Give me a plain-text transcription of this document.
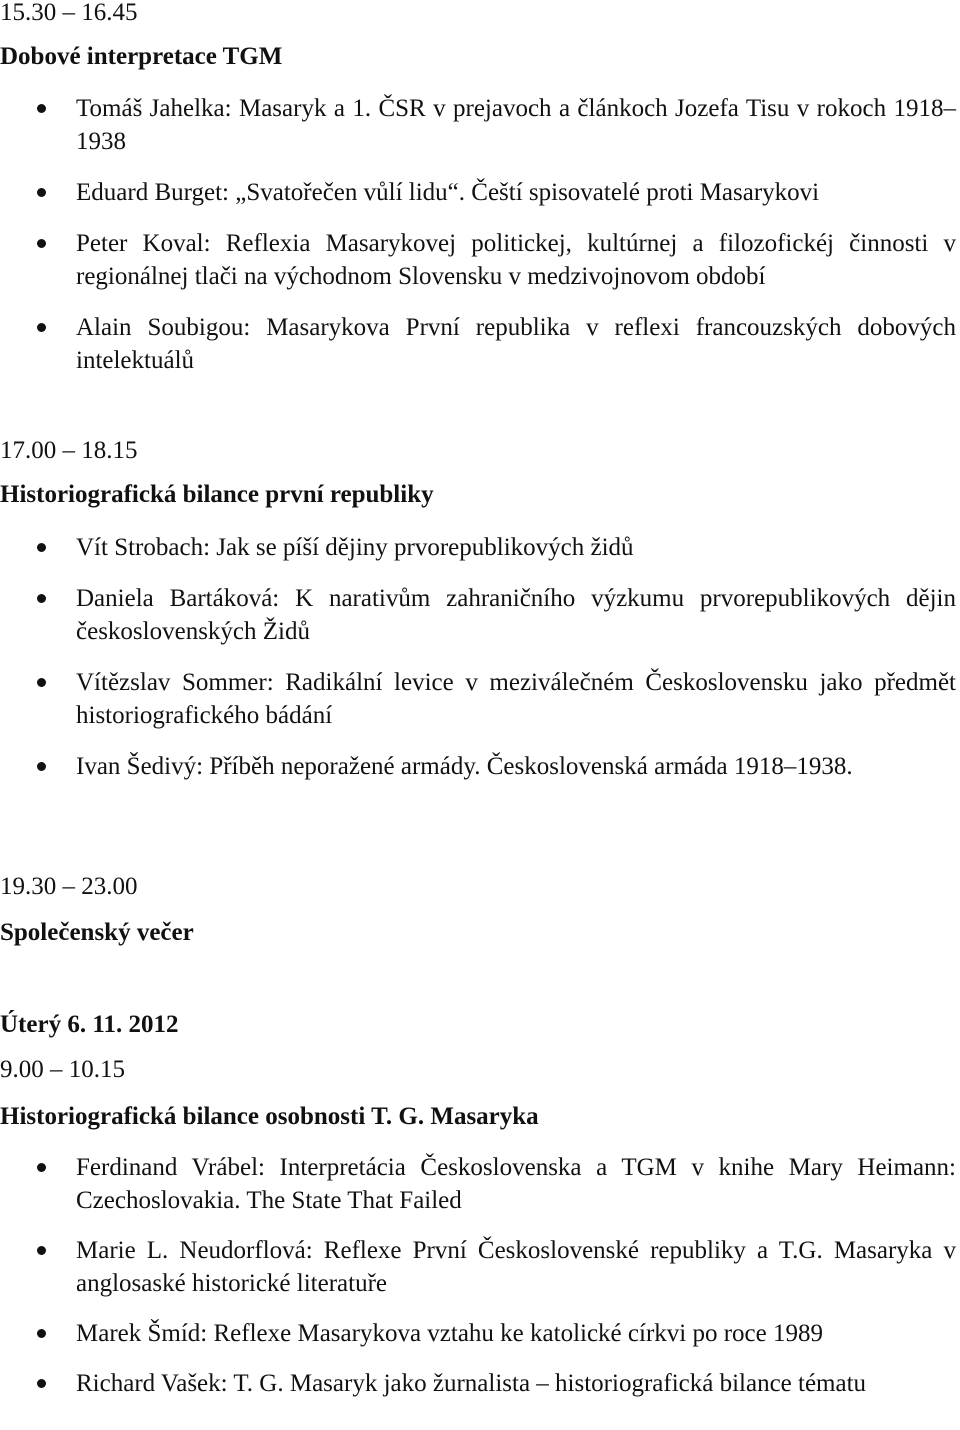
15.30 – 16.45
Dobové interpretace TGM
Tomáš Jahelka: Masaryk a 1. ČSR v prejavoch a článkoch Jozefa Tisu v rokoch 1918–1938
Eduard Burget: „Svatořečen vůlí lidu“. Čeští spisovatelé proti Masarykovi
Peter Koval: Reflexia Masarykovej politickej, kultúrnej a filozofickéj činnosti v regionálnej tlači na východnom Slovensku v medzivojnovom období
Alain Soubigou: Masarykova První republika v reflexi francouzských dobových intelektuálů
17.00 – 18.15
Historiografická bilance první republiky
Vít Strobach: Jak se píší dějiny prvorepublikových židů
Daniela Bartáková: K narativům zahraničního výzkumu prvorepublikových dějin československých Židů
Vítězslav Sommer: Radikální levice v meziválečném Československu jako předmět historiografického bádání
Ivan Šedivý: Příběh neporažené armády. Československá armáda 1918–1938.
19.30 – 23.00
Společenský večer
Úterý 6. 11. 2012
9.00 – 10.15
Historiografická bilance osobnosti T. G. Masaryka
Ferdinand Vrábel: Interpretácia Československa a TGM v knihe Mary Heimann: Czechoslovakia. The State That Failed
Marie L. Neudorflová: Reflexe První Československé republiky a T.G. Masaryka v anglosaské historické literatuře
Marek Šmíd: Reflexe Masarykova vztahu ke katolické církvi po roce 1989
Richard Vašek: T. G. Masaryk jako žurnalista – historiografická bilance tématu
